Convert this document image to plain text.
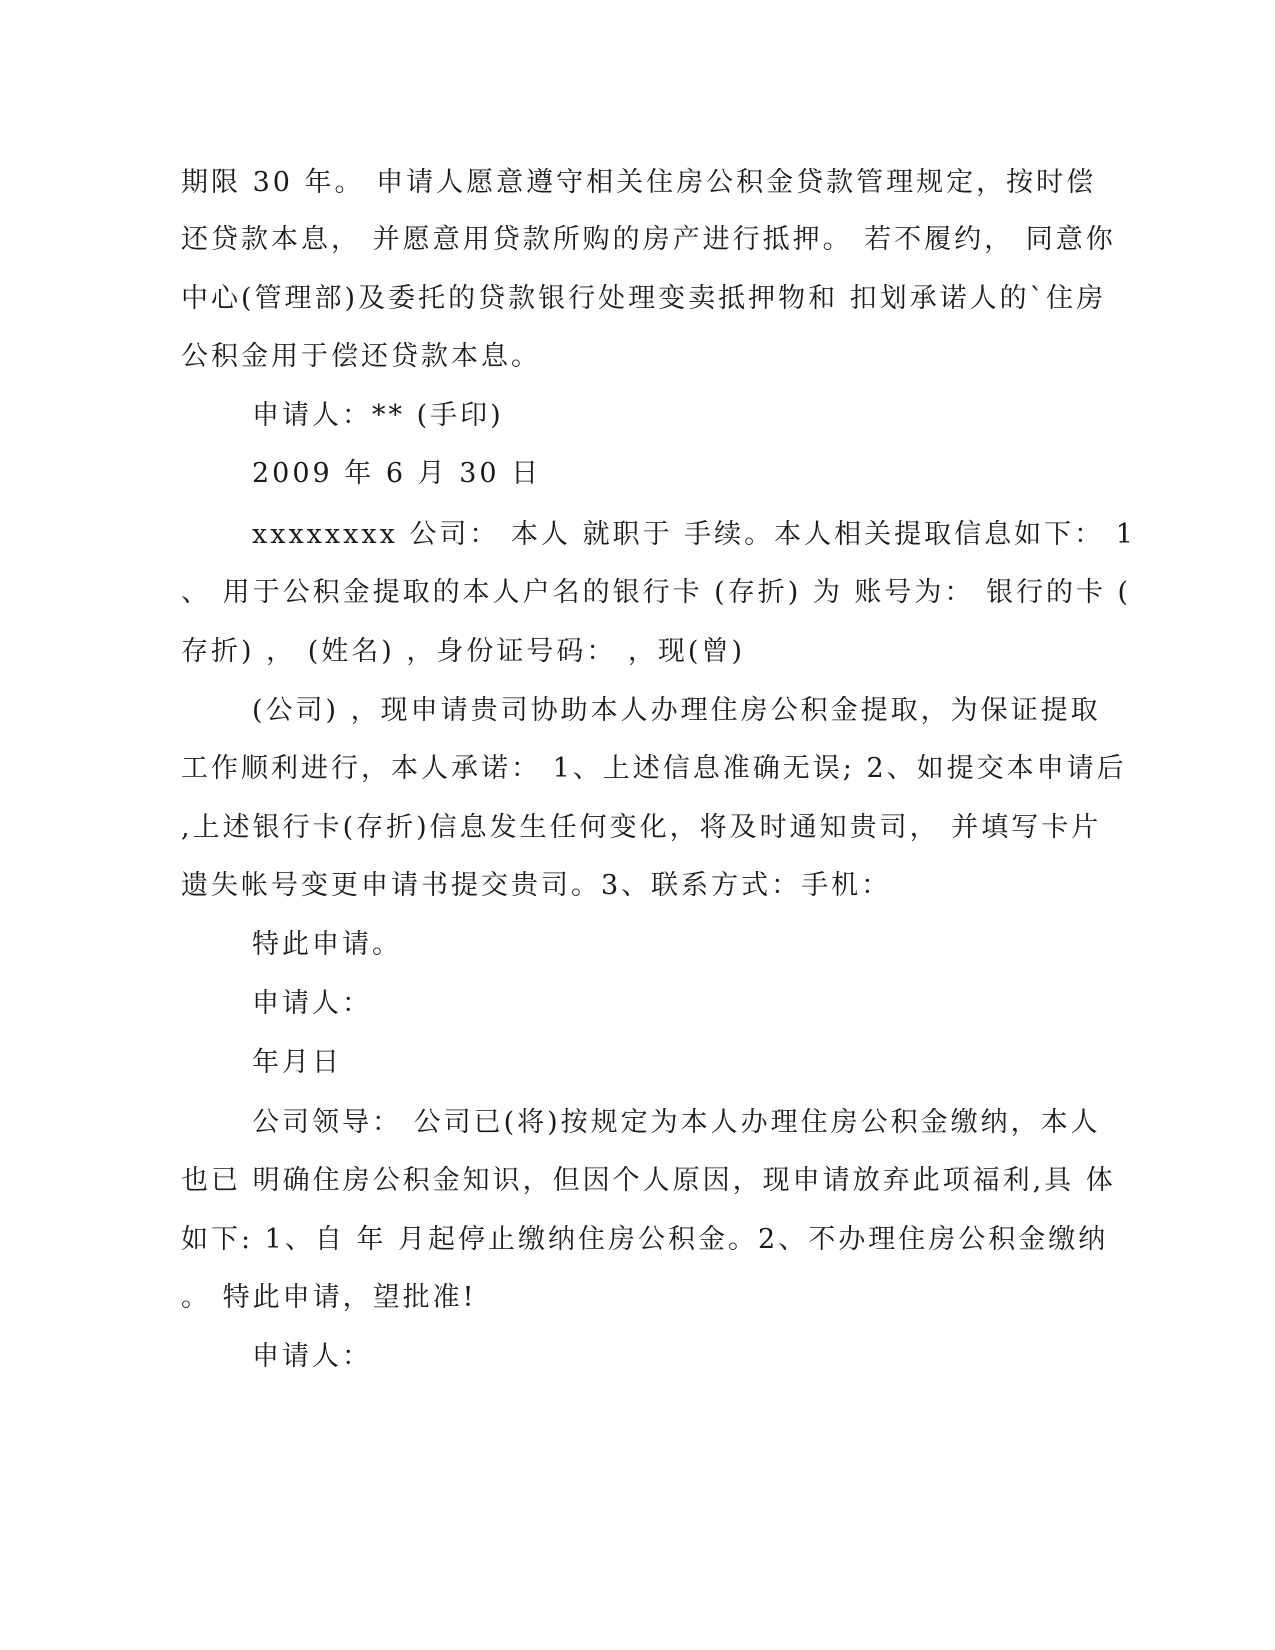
期限 30 年。 申请人愿意遵守相关住房公积金贷款管理规定，按时偿
还贷款本息， 并愿意用贷款所购的房产进行抵押。 若不履约， 同意你
中心(管理部)及委托的贷款银行处理变卖抵押物和 扣划承诺人的`住房
公积金用于偿还贷款本息。
申请人：** (手印)
2009 年 6 月 30 日
xxxxxxxx 公司： 本人 就职于 手续。本人相关提取信息如下： 1
、 用于公积金提取的本人户名的银行卡 (存折) 为 账号为： 银行的卡 (
存折) ， (姓名) ，身份证号码： ，现(曾)
(公司) ，现申请贵司协助本人办理住房公积金提取，为保证提取
工作顺利进行，本人承诺： 1、上述信息准确无误; 2、如提交本申请后
,上述银行卡(存折)信息发生任何变化，将及时通知贵司， 并填写卡片
遗失帐号变更申请书提交贵司。3、联系方式：手机：
特此申请。
申请人：
年月日
公司领导： 公司已(将)按规定为本人办理住房公积金缴纳，本人
也已 明确住房公积金知识，但因个人原因，现申请放弃此项福利,具 体
如下: 1、自 年 月起停止缴纳住房公积金。2、不办理住房公积金缴纳
。 特此申请，望批准!
申请人：
